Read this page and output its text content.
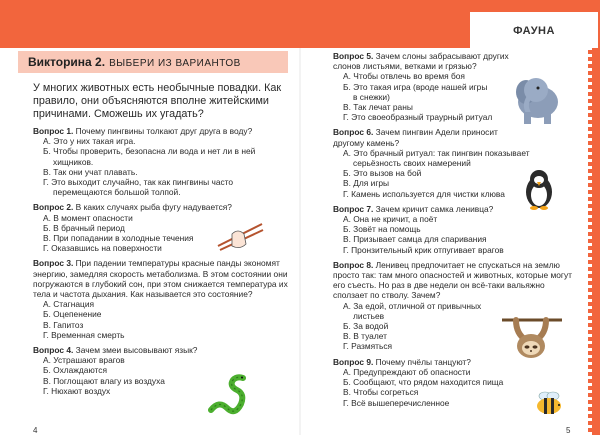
ФАУНА
Викторина 2. ВЫБЕРИ ИЗ ВАРИАНТОВ

У многих животных есть необычные повадки. Как правило, они объясняются вполне житейскими причинами. Сможешь их угадать?

Вопрос 1. Почему пингвины толкают друг друга в воду?

А. Это у них такая игра.

Б. Чтобы проверить, безопасна ли вода и нет ли в ней

хищников.

В. Так они учат плавать.

Г. Это выходит случайно, так как пингвины часто

перемещаются большой толпой.

Вопрос 2. В каких случаях рыба фугу надувается?

А. В момент опасности

Б. В брачный период

В. При попадании в холодные течения

Г. Оказавшись на поверхности

Вопрос 3. При падении температуры красные панды экономят энергию, замедляя скорость метаболизма. В этом состоянии они погружаются в глубокий сон, при этом снижается температура их тела и частота дыхания. Как называется это состояние?

А. Стагнация

Б. Оцепенение

В. Гапитоз

Г. Временная смерть

Вопрос 4. Зачем змеи высовывают язык?

А. Устрашают врагов

Б. Охлаждаются

В. Поглощают влагу из воздуха

Г. Нюхают воздух

Вопрос 5. Зачем слоны забрасывают других слонов листьями, ветками и грязью?

А. Чтобы отвлечь во время боя

Б. Это такая игра (вроде нашей игры

в снежки)

В. Так лечат раны

Г. Это своеобразный траурный ритуал

Вопрос 6. Зачем пингвин Адели приносит другому камень?

А. Это брачный ритуал: так пингвин показывает

серьёзность своих намерений

Б. Это вызов на бой

В. Для игры

Г. Камень используется для чистки клюва

Вопрос 7. Зачем кричит самка ленивца?

А. Она не кричит, а поёт

Б. Зовёт на помощь

В. Призывает самца для спаривания

Г. Пронзительный крик отпугивает врагов

Вопрос 8. Ленивец предпочитает не спускаться на землю просто так: там много опасностей и животных, которые могут его съесть. Но раз в две недели он всё-таки вальяжно сползает по стволу. Зачем?

А. За едой, отличной от привычных

листьев

Б. За водой

В. В туалет

Г. Размяться

Вопрос 9. Почему пчёлы танцуют?

А. Предупреждают об опасности

Б. Сообщают, что рядом находится пища

В. Чтобы согреться

Г. Всё вышеперечисленное

4	5
